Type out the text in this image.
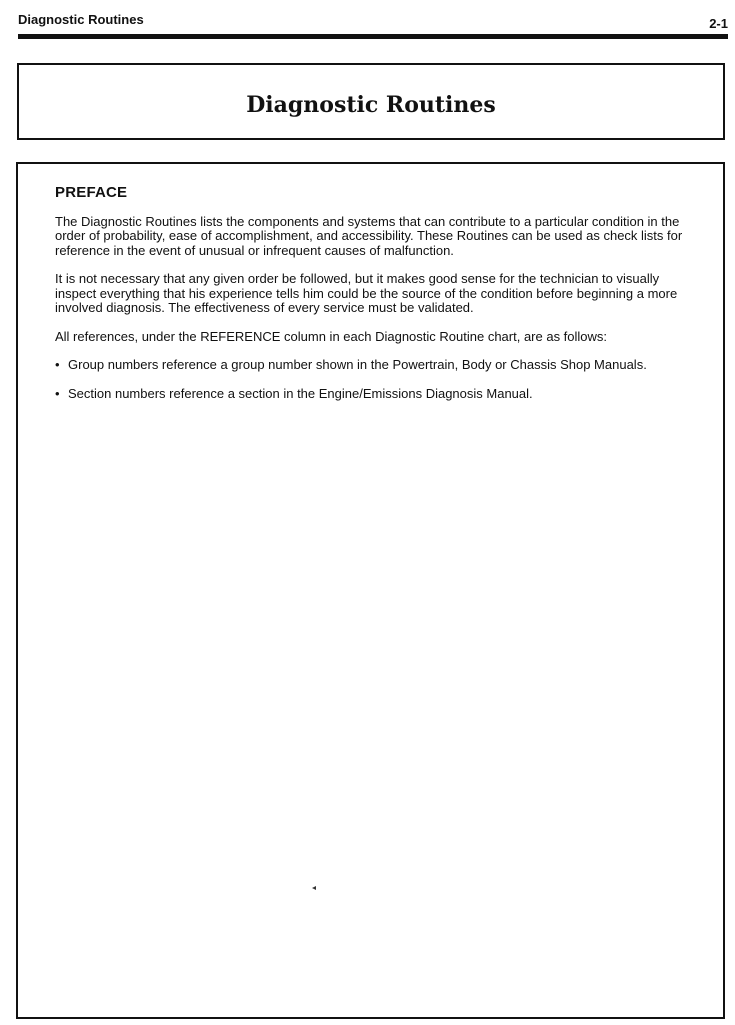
Diagnostic Routines	2-1
Diagnostic Routines
PREFACE

The Diagnostic Routines lists the components and systems that can contribute to a particular condition in the order of probability, ease of accomplishment, and accessibility. These Routines can be used as check lists for reference in the event of unusual or infrequent causes of malfunction.

It is not necessary that any given order be followed, but it makes good sense for the technician to visually inspect everything that his experience tells him could be the source of the condition before beginning a more involved diagnosis. The effectiveness of every service must be validated.

All references, under the REFERENCE column in each Diagnostic Routine chart, are as follows:

• Group numbers reference a group number shown in the Powertrain, Body or Chassis Shop Manuals.
• Section numbers reference a section in the Engine/Emissions Diagnosis Manual.
